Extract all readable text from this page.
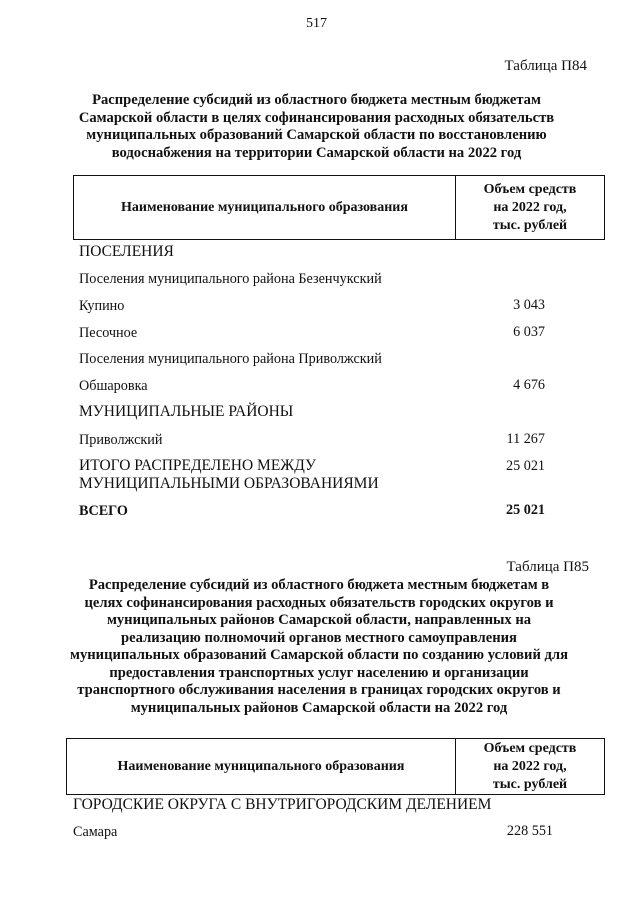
517
Таблица П84
Распределение субсидий из областного бюджета местным бюджетам
Самарской области в целях софинансирования расходных обязательств
муниципальных образований Самарской области по восстановлению
водоснабжения на территории Самарской области на 2022 год
Наименование муниципального образования
Объем средств
на 2022 год,
тыс. рублей
ПОСЕЛЕНИЯ
Поселения муниципального района Безенчукский
Купино	3 043
Песочное	6 037
Поселения муниципального района Приволжский
Обшаровка	4 676
МУНИЦИПАЛЬНЫЕ РАЙОНЫ
Приволжский	11 267
ИТОГО РАСПРЕДЕЛЕНО МЕЖДУ
МУНИЦИПАЛЬНЫМИ ОБРАЗОВАНИЯМИ
25 021
ВСЕГО	25 021
Таблица П85
Распределение субсидий из областного бюджета местным бюджетам в
целях софинансирования расходных обязательств городских округов и
муниципальных районов Самарской области, направленных на
реализацию полномочий органов местного самоуправления
муниципальных образований Самарской области по созданию условий для
предоставления транспортных услуг населению и организации
транспортного обслуживания населения в границах городских округов и
муниципальных районов Самарской области на 2022 год
Наименование муниципального образования
Объем средств
на 2022 год,
тыс. рублей
ГОРОДСКИЕ ОКРУГА С ВНУТРИГОРОДСКИМ ДЕЛЕНИЕМ
Самара	228 551
